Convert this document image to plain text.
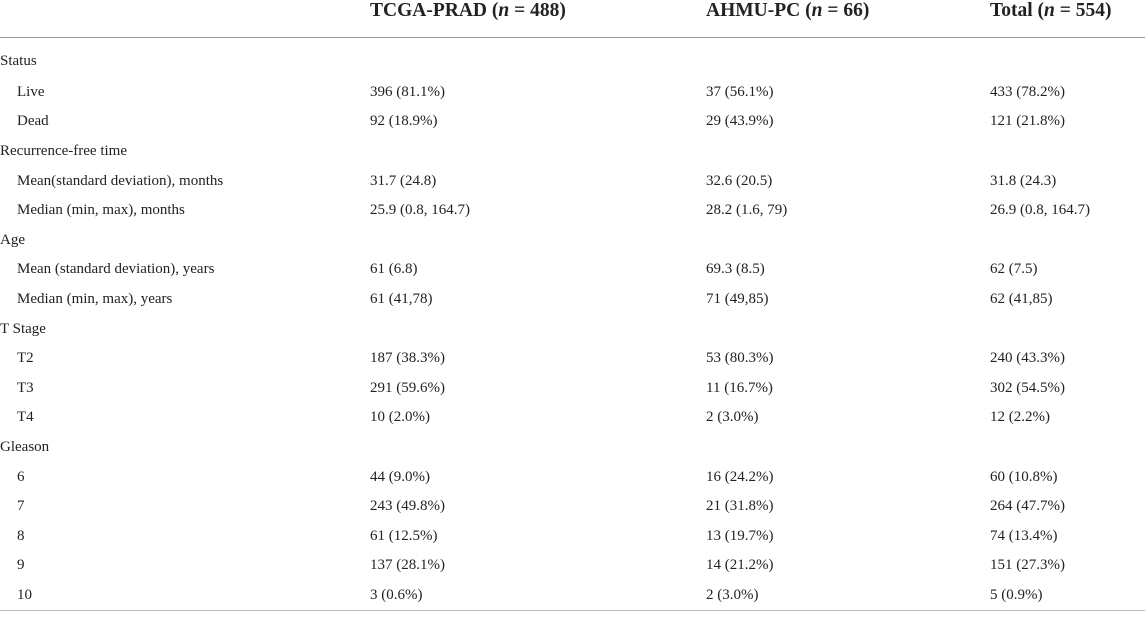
	TCGA-PRAD (n = 488)	AHMU-PC (n = 66)	Total (n = 554)
Status			
Live	396 (81.1%)	37 (56.1%)	433 (78.2%)
Dead	92 (18.9%)	29 (43.9%)	121 (21.8%)
Recurrence-free time			
Mean(standard deviation), months	31.7 (24.8)	32.6 (20.5)	31.8 (24.3)
Median (min, max), months	25.9 (0.8, 164.7)	28.2 (1.6, 79)	26.9 (0.8, 164.7)
Age			
Mean (standard deviation), years	61 (6.8)	69.3 (8.5)	62 (7.5)
Median (min, max), years	61 (41,78)	71 (49,85)	62 (41,85)
T Stage			
T2	187 (38.3%)	53 (80.3%)	240 (43.3%)
T3	291 (59.6%)	11 (16.7%)	302 (54.5%)
T4	10 (2.0%)	2 (3.0%)	12 (2.2%)
Gleason			
6	44 (9.0%)	16 (24.2%)	60 (10.8%)
7	243 (49.8%)	21 (31.8%)	264 (47.7%)
8	61 (12.5%)	13 (19.7%)	74 (13.4%)
9	137 (28.1%)	14 (21.2%)	151 (27.3%)
10	3 (0.6%)	2 (3.0%)	5 (0.9%)
